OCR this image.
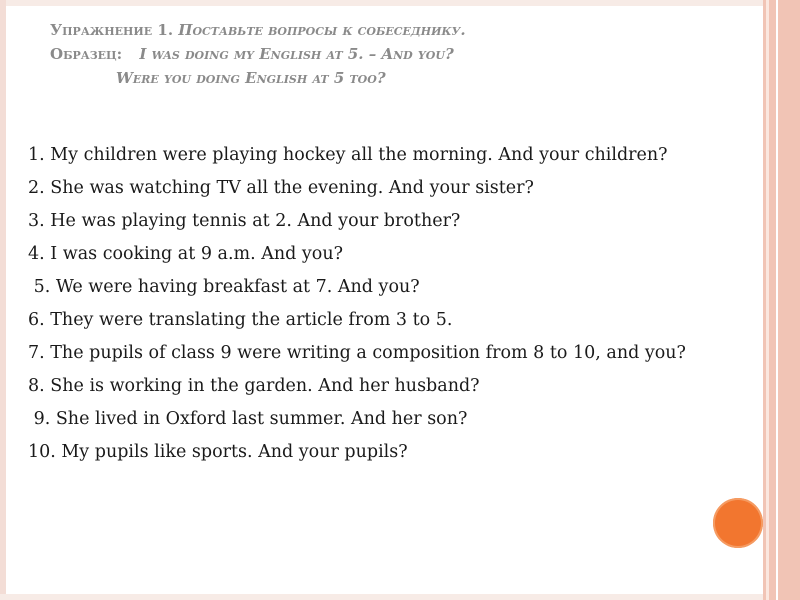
Упражнение 1. Поставьте вопросы к собеседнику.
Образец: I was doing my English at 5. – And you?
Were you doing English at 5 too?
1. My children were playing hockey all the morning. And your children?
2. She was watching TV all the evening. And your sister?
3. He was playing tennis at 2. And your brother?
4. I was cooking at 9 a.m. And you?
5. We were having breakfast at 7. And you?
6. They were translating the article from 3 to 5.
7. The pupils of class 9 were writing a composition from 8 to 10, and you?
8. She is working in the garden. And her husband?
9. She lived in Oxford last summer. And her son?
10. My pupils like sports. And your pupils?
